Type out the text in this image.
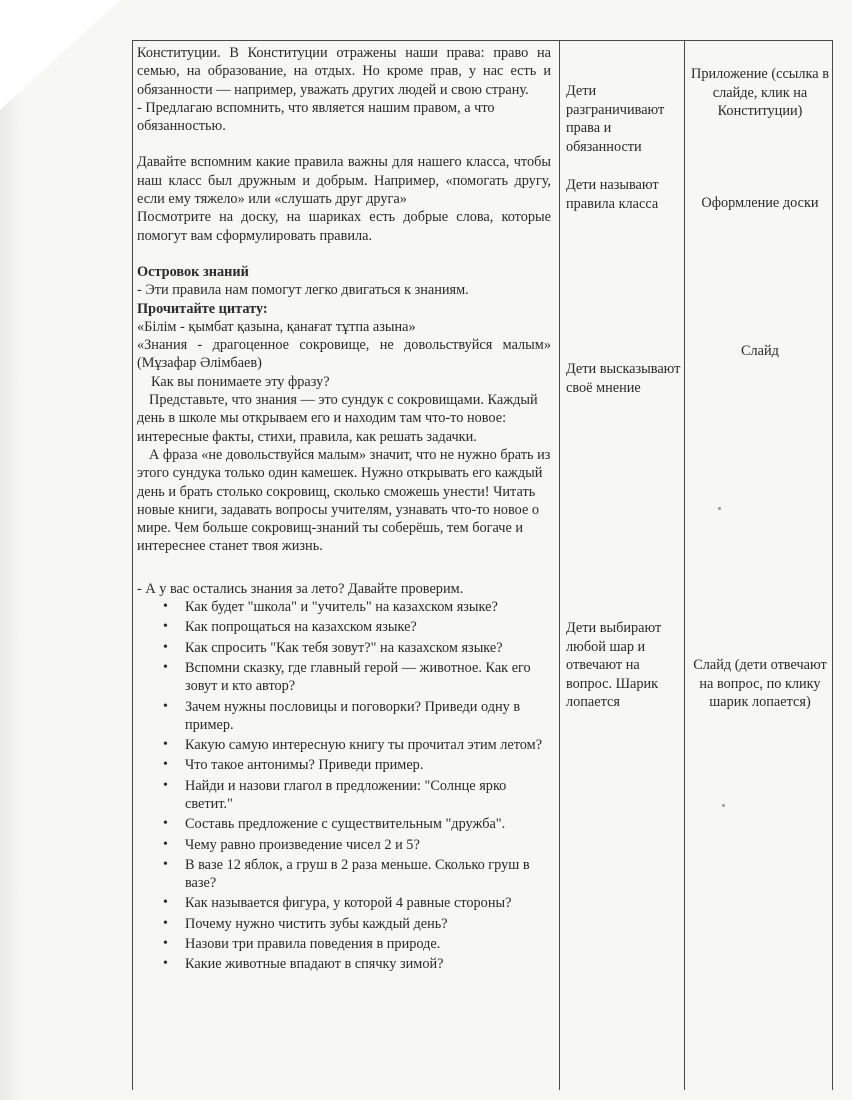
Конституции. В Конституции отражены наши права: право на семью, на образование, на отдых. Но кроме прав, у нас есть и обязанности — например, уважать других людей и свою страну.
- Предлагаю вспомнить, что является нашим правом, а что обязанностью.
Давайте вспомним какие правила важны для нашего класса, чтобы наш класс был дружным и добрым. Например, «помогать другу, если ему тяжело» или «слушать друг друга»
Посмотрите на доску, на шариках есть добрые слова, которые помогут вам сформулировать правила.
Островок знаний
- Эти правила нам помогут легко двигаться к знаниям.
Прочитайте цитату:
«Білім - қымбат қазына, қанағат тұтпа азына»
«Знания - драгоценное сокровище, не довольствуйся малым» (Мұзафар Әлімбаев)
Как вы понимаете эту фразу?
Представьте, что знания — это сундук с сокровищами. Каждый день в школе мы открываем его и находим там что-то новое: интересные факты, стихи, правила, как решать задачки.
А фраза «не довольствуйся малым» значит, что не нужно брать из этого сундука только один камешек. Нужно открывать его каждый день и брать столько сокровищ, сколько сможешь унести! Читать новые книги, задавать вопросы учителям, узнавать что-то новое о мире. Чем больше сокровищ-знаний ты соберёшь, тем богаче и интереснее станет твоя жизнь.
- А у вас остались знания за лето? Давайте проверим.
• Как будет "школа" и "учитель" на казахском языке?
• Как попрощаться на казахском языке?
• Как спросить "Как тебя зовут?" на казахском языке?
• Вспомни сказку, где главный герой — животное. Как его зовут и кто автор?
• Зачем нужны пословицы и поговорки? Приведи одну в пример.
• Какую самую интересную книгу ты прочитал этим летом?
• Что такое антонимы? Приведи пример.
• Найди и назови глагол в предложении: "Солнце ярко светит."
• Составь предложение с существительным "дружба".
• Чему равно произведение чисел 2 и 5?
• В вазе 12 яблок, а груш в 2 раза меньше. Сколько груш в вазе?
• Как называется фигура, у которой 4 равные стороны?
• Почему нужно чистить зубы каждый день?
• Назови три правила поведения в природе.
• Какие животные впадают в спячку зимой?
Дети разграничивают права и обязанности
Дети называют правила класса
Дети высказывают своё мнение
Дети выбирают любой шар и отвечают на вопрос. Шарик лопается
Приложение (ссылка в слайде, клик на Конституции)
Оформление доски
Слайд
Слайд (дети отвечают на вопрос, по клику шарик лопается)
